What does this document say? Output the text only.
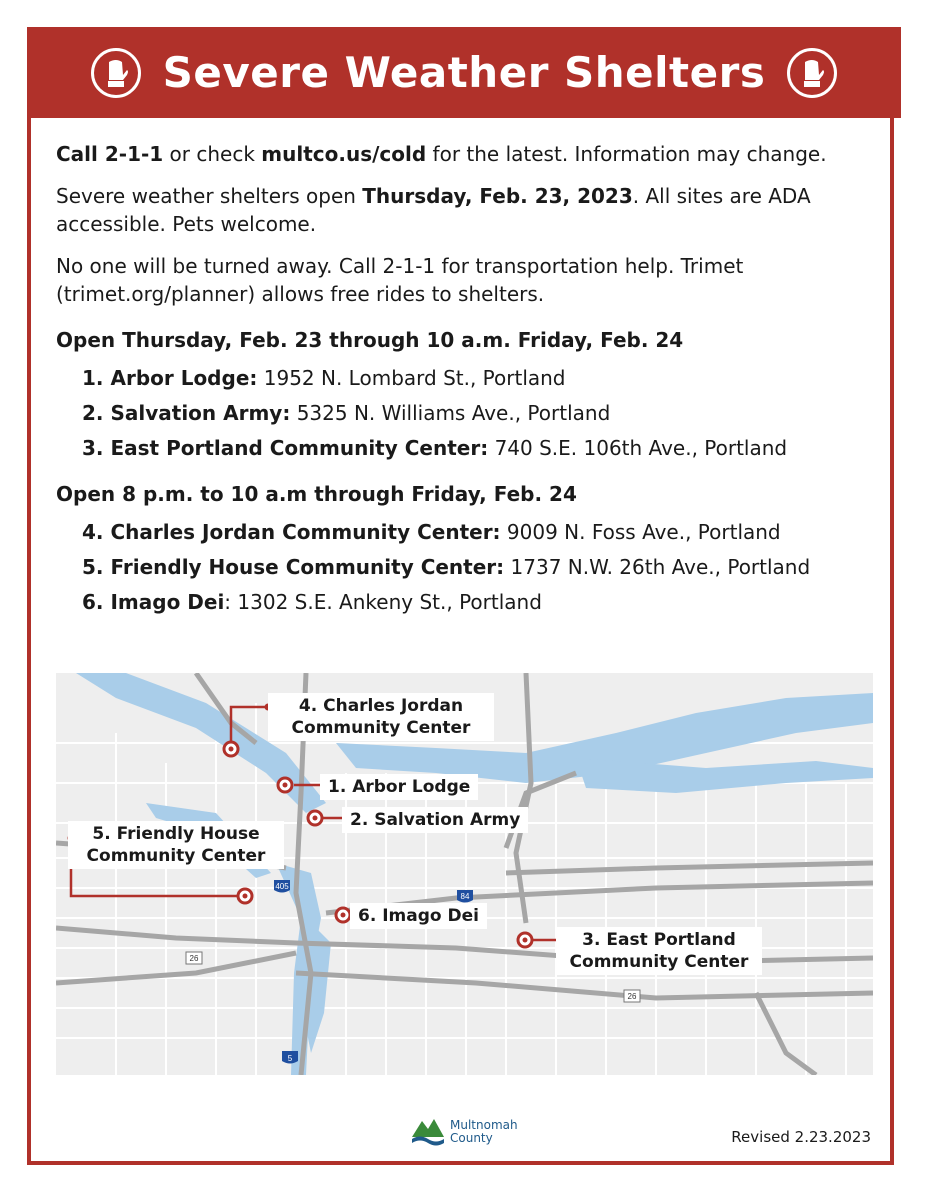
Severe Weather Shelters

Call 2-1-1 or check multco.us/cold for the latest. Information may change.

Severe weather shelters open Thursday, Feb. 23, 2023. All sites are ADA accessible. Pets welcome.

No one will be turned away. Call 2-1-1 for transportation help. Trimet (trimet.org/planner) allows free rides to shelters.

Open Thursday, Feb. 23 through 10 a.m. Friday, Feb. 24
1. Arbor Lodge: 1952 N. Lombard St., Portland
2. Salvation Army: 5325 N. Williams Ave., Portland
3. East Portland Community Center: 740 S.E. 106th Ave., Portland
Open 8 p.m. to 10 a.m through Friday, Feb. 24
4. Charles Jordan Community Center: 9009 N. Foss Ave., Portland
5. Friendly House Community Center: 1737 N.W. 26th Ave., Portland
6. Imago Dei: 1302 S.E. Ankeny St., Portland
405
84
5
26
26
4. Charles Jordan Community Center
1. Arbor Lodge
2. Salvation Army
5. Friendly House Community Center
6. Imago Dei
3. East Portland Community Center
Multnomah
County	Revised 2.23.2023
